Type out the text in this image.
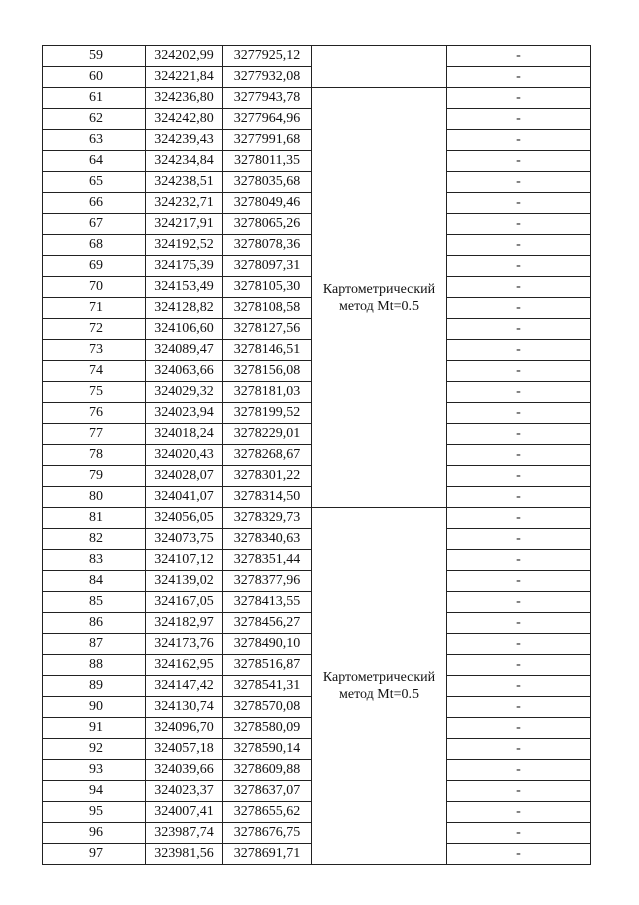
59	324202,99	3277925,12		-
60	324221,84	3277932,08		-
61	324236,80	3277943,78	Картометрический метод Mt=0.5	-
62	324242,80	3277964,96		-
63	324239,43	3277991,68		-
64	324234,84	3278011,35		-
65	324238,51	3278035,68		-
66	324232,71	3278049,46		-
67	324217,91	3278065,26		-
68	324192,52	3278078,36		-
69	324175,39	3278097,31		-
70	324153,49	3278105,30		-
71	324128,82	3278108,58		-
72	324106,60	3278127,56		-
73	324089,47	3278146,51		-
74	324063,66	3278156,08		-
75	324029,32	3278181,03		-
76	324023,94	3278199,52		-
77	324018,24	3278229,01		-
78	324020,43	3278268,67		-
79	324028,07	3278301,22		-
80	324041,07	3278314,50		-
81	324056,05	3278329,73	Картометрический метод Mt=0.5	-
82	324073,75	3278340,63		-
83	324107,12	3278351,44		-
84	324139,02	3278377,96		-
85	324167,05	3278413,55		-
86	324182,97	3278456,27		-
87	324173,76	3278490,10		-
88	324162,95	3278516,87		-
89	324147,42	3278541,31		-
90	324130,74	3278570,08		-
91	324096,70	3278580,09		-
92	324057,18	3278590,14		-
93	324039,66	3278609,88		-
94	324023,37	3278637,07		-
95	324007,41	3278655,62		-
96	323987,74	3278676,75		-
97	323981,56	3278691,71		-
